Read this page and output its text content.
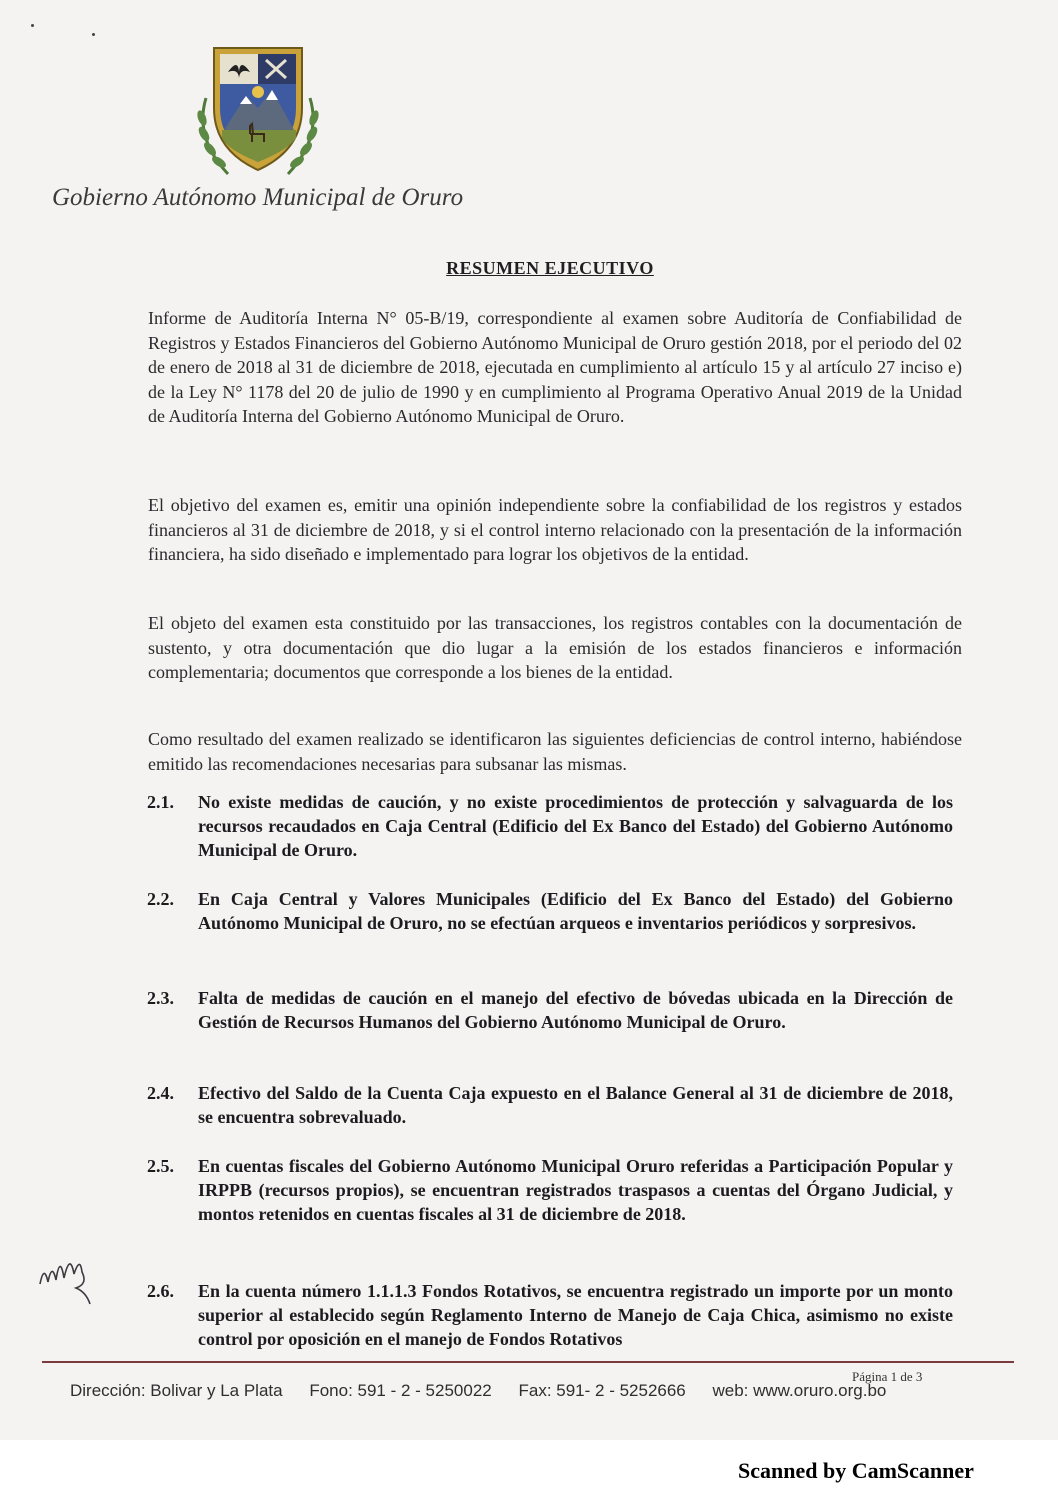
Gobierno Autónomo Municipal de Oruro
RESUMEN EJECUTIVO
Informe de Auditoría Interna N° 05-B/19, correspondiente al examen sobre Auditoría de Confiabilidad de Registros y Estados Financieros del Gobierno Autónomo Municipal de Oruro gestión 2018, por el periodo del 02 de enero de 2018 al 31 de diciembre de 2018, ejecutada en cumplimiento al artículo 15 y al artículo 27 inciso e) de la Ley N° 1178 del 20 de julio de 1990 y en cumplimiento al Programa Operativo Anual 2019 de la Unidad de Auditoría Interna del Gobierno Autónomo Municipal de Oruro.
El objetivo del examen es, emitir una opinión independiente sobre la confiabilidad de los registros y estados financieros al 31 de diciembre de 2018, y si el control interno relacionado con la presentación de la información financiera, ha sido diseñado e implementado para lograr los objetivos de la entidad.
El objeto del examen esta constituido por las transacciones, los registros contables con la documentación de sustento, y otra documentación que dio lugar a la emisión de los estados financieros e información complementaria; documentos que corresponde a los bienes de la entidad.
Como resultado del examen realizado se identificaron las siguientes deficiencias de control interno, habiéndose emitido las recomendaciones necesarias para subsanar las mismas.
2.1.	No existe medidas de caución, y no existe procedimientos de protección y salvaguarda de los recursos recaudados en Caja Central (Edificio del Ex Banco del Estado) del Gobierno Autónomo Municipal de Oruro.
2.2.	En Caja Central y Valores Municipales (Edificio del Ex Banco del Estado) del Gobierno Autónomo Municipal de Oruro, no se efectúan arqueos e inventarios periódicos y sorpresivos.
2.3.	Falta de medidas de caución en el manejo del efectivo de bóvedas ubicada en la Dirección de Gestión de Recursos Humanos del Gobierno Autónomo Municipal de Oruro.
2.4.	Efectivo del Saldo de la Cuenta Caja expuesto en el Balance General al 31 de diciembre de 2018, se encuentra sobrevaluado.
2.5.	En cuentas fiscales del Gobierno Autónomo Municipal Oruro referidas a Participación Popular y IRPPB (recursos propios), se encuentran registrados traspasos a cuentas del Órgano Judicial, y montos retenidos en cuentas fiscales al 31 de diciembre de 2018.
2.6.	En la cuenta número 1.1.1.3 Fondos Rotativos, se encuentra registrado un importe por un monto superior al establecido según Reglamento Interno de Manejo de Caja Chica, asimismo no existe control por oposición en el manejo de Fondos Rotativos
Página 1 de 3
Dirección: Bolivar y La Plata Fono: 591 - 2 - 5250022 Fax: 591- 2 - 5252666 web: www.oruro.org.bo
Scanned by CamScanner
